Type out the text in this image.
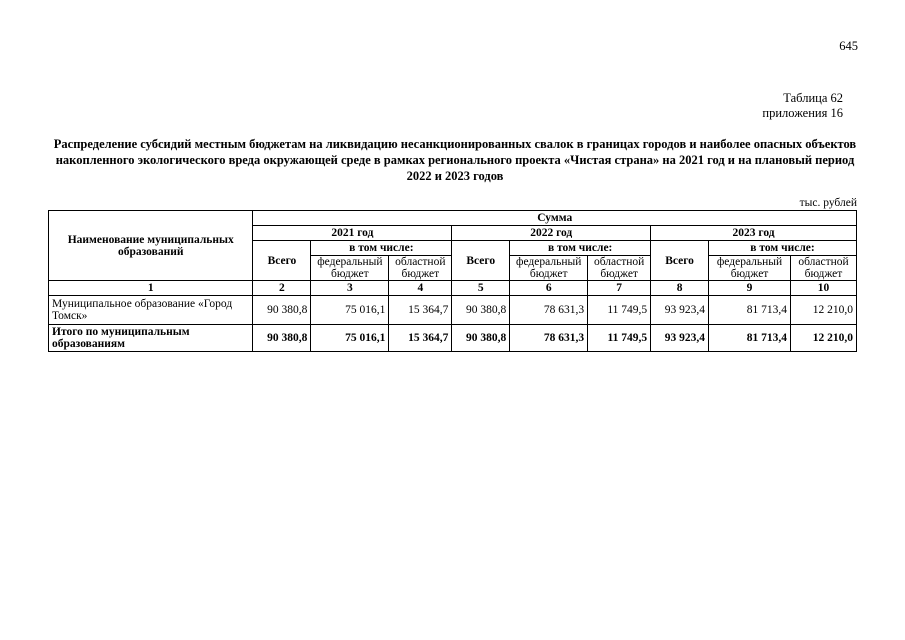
645
Таблица 62
приложения 16
Распределение субсидий местным бюджетам на ликвидацию несанкционированных свалок в границах городов и наиболее опасных объектов накопленного экологического вреда окружающей среде в рамках регионального проекта «Чистая страна» на 2021 год и на плановый период 2022 и 2023 годов
тыс. рублей
Наименование муниципальных образований	Сумма								
	2021 год			2022 год			2023 год		
	Всего	в том числе:		Всего	в том числе:		Всего	в том числе:	
		федеральный бюджет	областной бюджет		федеральный бюджет	областной бюджет		федеральный бюджет	областной бюджет
1	2	3	4	5	6	7	8	9	10
Муниципальное образование «Город Томск»	90 380,8	75 016,1	15 364,7	90 380,8	78 631,3	11 749,5	93 923,4	81 713,4	12 210,0
Итого по муниципальным образованиям	90 380,8	75 016,1	15 364,7	90 380,8	78 631,3	11 749,5	93 923,4	81 713,4	12 210,0
